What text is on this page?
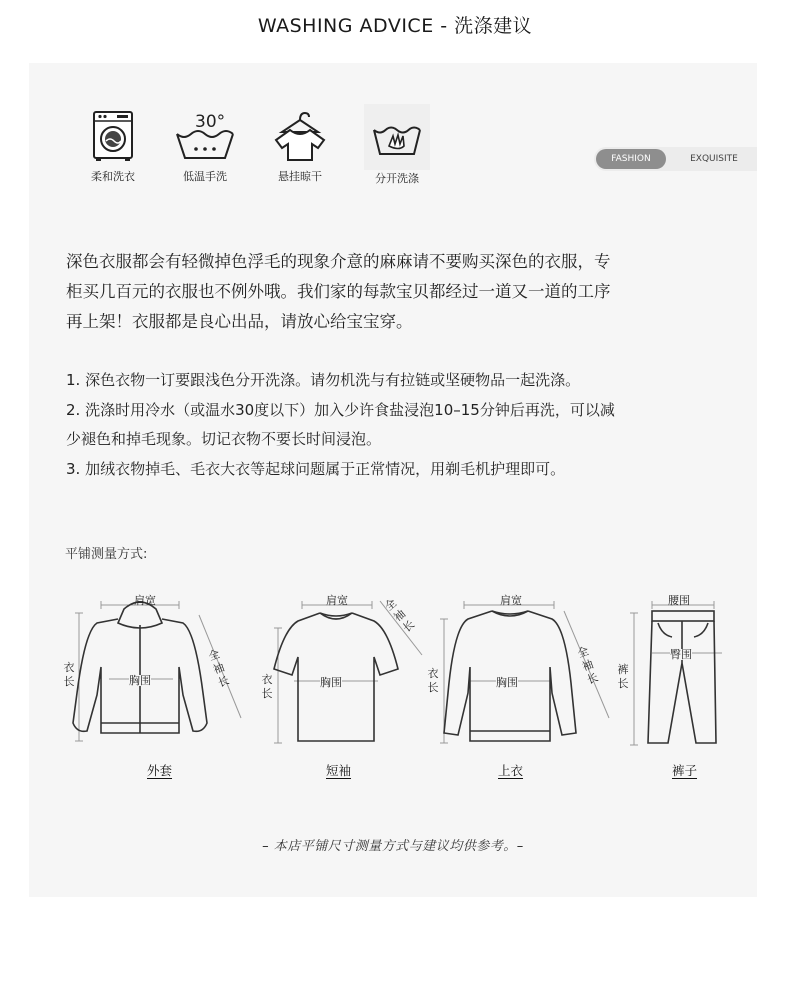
WASHING ADVICE - 洗涤建议
柔和洗衣
30°
低温手洗	悬挂晾干	分开洗涤
FASHION	EXQUISITE
深色衣服都会有轻微掉色浮毛的现象介意的麻麻请不要购买深色的衣服，专
柜买几百元的衣服也不例外哦。我们家的每款宝贝都经过一道又一道的工序
再上架！衣服都是良心出品，请放心给宝宝穿。
1. 深色衣物一订要跟浅色分开洗涤。请勿机洗与有拉链或坚硬物品一起洗涤。
2. 洗涤时用冷水（或温水30度以下）加入少许食盐浸泡10–15分钟后再洗，可以减
少褪色和掉毛现象。切记衣物不要长时间浸泡。
3. 加绒衣物掉毛、毛衣大衣等起球问题属于正常情况，用剃毛机护理即可。
平铺测量方式:
肩宽
衣长
全袖长
胸围
外套
肩宽
衣长
全袖长
胸围
短袖
肩宽
衣长
全袖长
胸围
上衣
腰围
裤长
臀围
裤子
– 本店平铺尺寸测量方式与建议均供参考。–
